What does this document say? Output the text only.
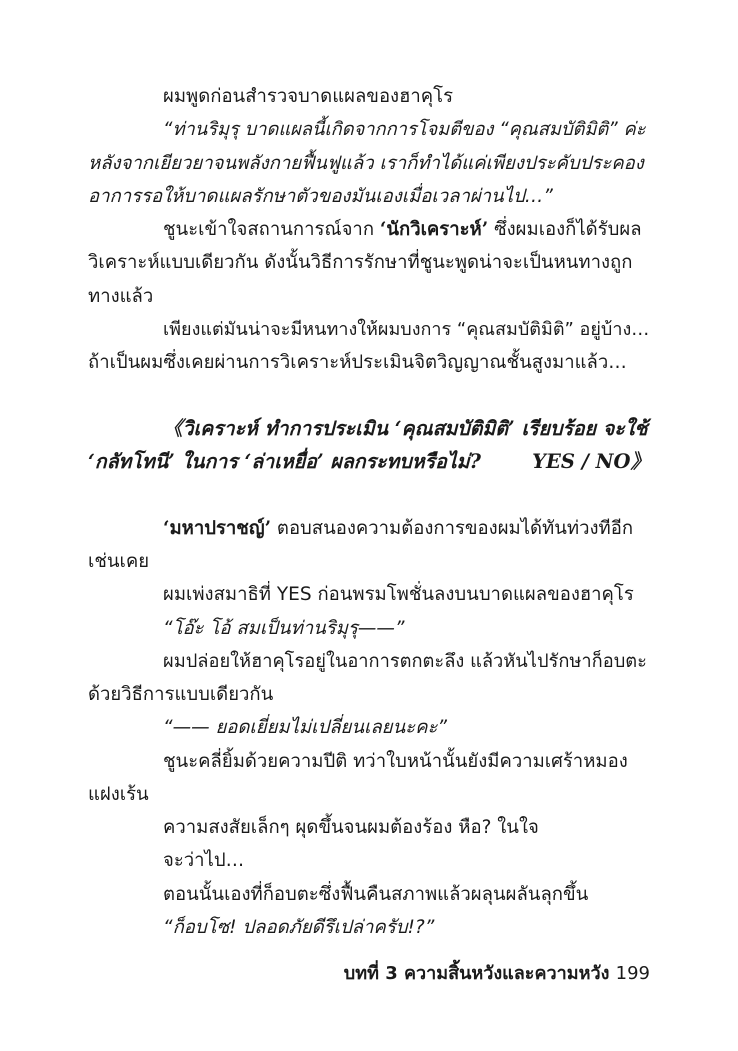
ผมพูดก่อนสำรวจบาดแผลของฮาคุโร
“ท่านริมุรุ บาดแผลนี้เกิดจากการโจมตีของ “คุณสมบัติมิติ” ค่ะ
หลังจากเยียวยาจนพลังกายฟื้นฟูแล้ว เราก็ทำได้แค่เพียงประคับประคอง
อาการรอให้บาดแผลรักษาตัวของมันเองเมื่อเวลาผ่านไป…”
ชูนะเข้าใจสถานการณ์จาก ‘นักวิเคราะห์’ ซึ่งผมเองก็ได้รับผล
วิเคราะห์แบบเดียวกัน ดังนั้นวิธีการรักษาที่ชูนะพูดน่าจะเป็นหนทางถูก
ทางแล้ว
เพียงแต่มันน่าจะมีหนทางให้ผมบงการ “คุณสมบัติมิติ” อยู่บ้าง…
ถ้าเป็นผมซึ่งเคยผ่านการวิเคราะห์ประเมินจิตวิญญาณชั้นสูงมาแล้ว…
《วิเคราะห์ ทำการประเมิน ‘คุณสมบัติมิติ’ เรียบร้อย จะใช้
‘กลัทโทนี’ ในการ ‘ล่าเหยื่อ’ ผลกระทบหรือไม่?	YES / NO》
‘มหาปราชญ์’ ตอบสนองความต้องการของผมได้ทันท่วงทีอีก
เช่นเคย
ผมเพ่งสมาธิที่ YES ก่อนพรมโพชั่นลงบนบาดแผลของฮาคุโร
“โอ๊ะ โอ้ สมเป็นท่านริมุรุ——”
ผมปล่อยให้ฮาคุโรอยู่ในอาการตกตะลึง แล้วหันไปรักษาก็อบตะ
ด้วยวิธีการแบบเดียวกัน
“—— ยอดเยี่ยมไม่เปลี่ยนเลยนะคะ”
ชูนะคลี่ยิ้มด้วยความปีติ ทว่าใบหน้านั้นยังมีความเศร้าหมอง
แฝงเร้น
ความสงสัยเล็กๆ ผุดขึ้นจนผมต้องร้อง หือ? ในใจ
จะว่าไป…
ตอนนั้นเองที่ก็อบตะซึ่งฟื้นคืนสภาพแล้วผลุนผลันลุกขึ้น
“ก็อบโซ! ปลอดภัยดีรึเปล่าครับ!?”
บทที่ 3 ความสิ้นหวังและความหวัง 199
